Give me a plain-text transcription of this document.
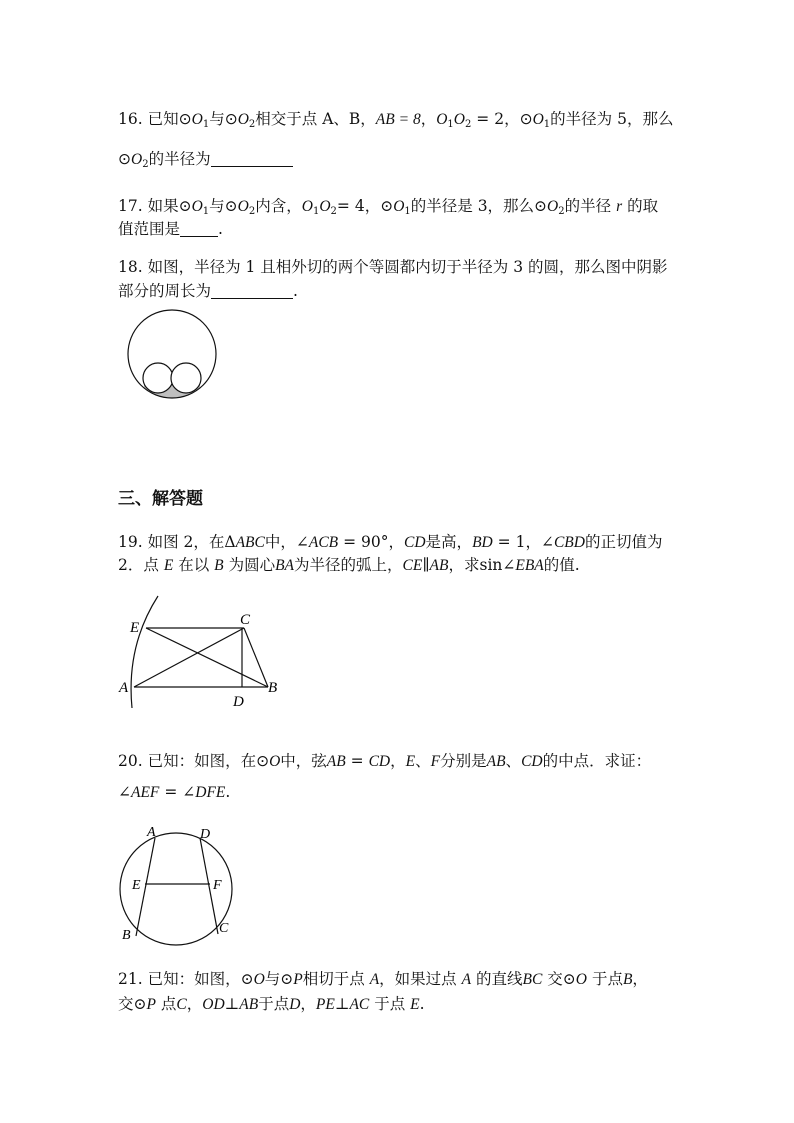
16. 已知$⊙O_1$与$⊙O_2$相交于点 A、B，AB = 8，$O_1O_2 = 2$，$⊙O_1$的半径为 5，那么
$⊙O_2$的半径为
17. 如果$⊙O_1$与$⊙O_2$内含，$O_1O_2= 4$，$⊙O_1$的半径是 3，那么$⊙O_2$的半径 r 的取
值范围是 .
18. 如图，半径为 1 且相外切的两个等圆都内切于半径为 3 的圆，那么图中阴影
部分的周长为	.
三、解答题
19. 如图 2，在ΔABC中，∠ACB = 90°，CD是高，BD = 1，∠CBD的正切值为
2．点 E 在以 B 为圆心BA为半径的弧上，CE∥AB，求sin∠EBA的值.
E	C
A
D
B
20. 已知：如图，在⊙O中，弦AB = CD，E、F分别是AB、CD的中点．求证：
∠AEF = ∠DFE.
A	D
E	F
B	C
21. 已知：如图，⊙O与⊙P相切于点 A，如果过点 A 的直线BC 交⊙O 于点B，
交⊙P 点C，OD⊥AB于点D，PE⊥AC 于点 E.
